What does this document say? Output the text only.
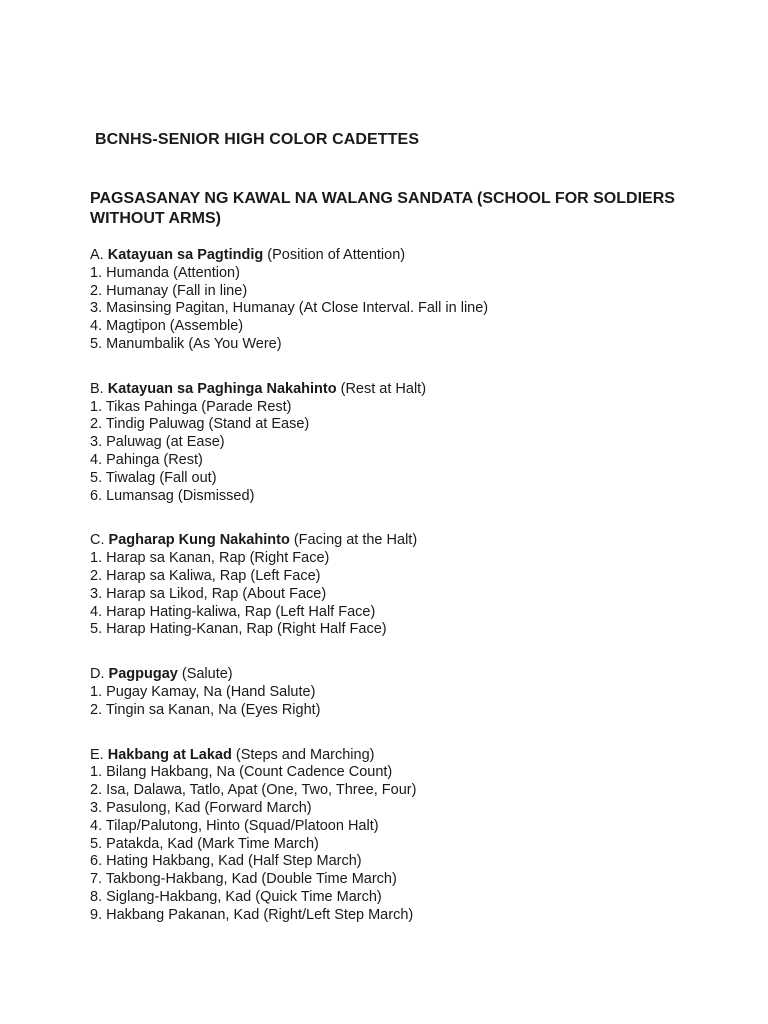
BCNHS-SENIOR HIGH COLOR CADETTES
PAGSASANAY NG KAWAL NA WALANG SANDATA (SCHOOL FOR SOLDIERS WITHOUT ARMS)

A. Katayuan sa Pagtindig (Position of Attention)

1. Humanda (Attention)
2. Humanay (Fall in line)
3. Masinsing Pagitan, Humanay (At Close Interval. Fall in line)
4. Magtipon (Assemble)
5. Manumbalik (As You Were)

B. Katayuan sa Paghinga Nakahinto (Rest at Halt)

1. Tikas Pahinga (Parade Rest)
2. Tindig Paluwag (Stand at Ease)
3. Paluwag (at Ease)
4. Pahinga (Rest)
5. Tiwalag (Fall out)
6. Lumansag (Dismissed)

C. Pagharap Kung Nakahinto (Facing at the Halt)

1. Harap sa Kanan, Rap (Right Face)
2. Harap sa Kaliwa, Rap (Left Face)
3. Harap sa Likod, Rap (About Face)
4. Harap Hating-kaliwa, Rap (Left Half Face)
5. Harap Hating-Kanan, Rap (Right Half Face)

D. Pagpugay (Salute)

1. Pugay Kamay, Na (Hand Salute)
2. Tingin sa Kanan, Na (Eyes Right)

E. Hakbang at Lakad (Steps and Marching)

1. Bilang Hakbang, Na (Count Cadence Count)
2. Isa, Dalawa, Tatlo, Apat (One, Two, Three, Four)
3. Pasulong, Kad (Forward March)
4. Tilap/Palutong, Hinto (Squad/Platoon Halt)
5. Patakda, Kad (Mark Time March)
6. Hating Hakbang, Kad (Half Step March)
7. Takbong-Hakbang, Kad (Double Time March)
8. Siglang-Hakbang, Kad (Quick Time March)
9. Hakbang Pakanan, Kad (Right/Left Step March)
